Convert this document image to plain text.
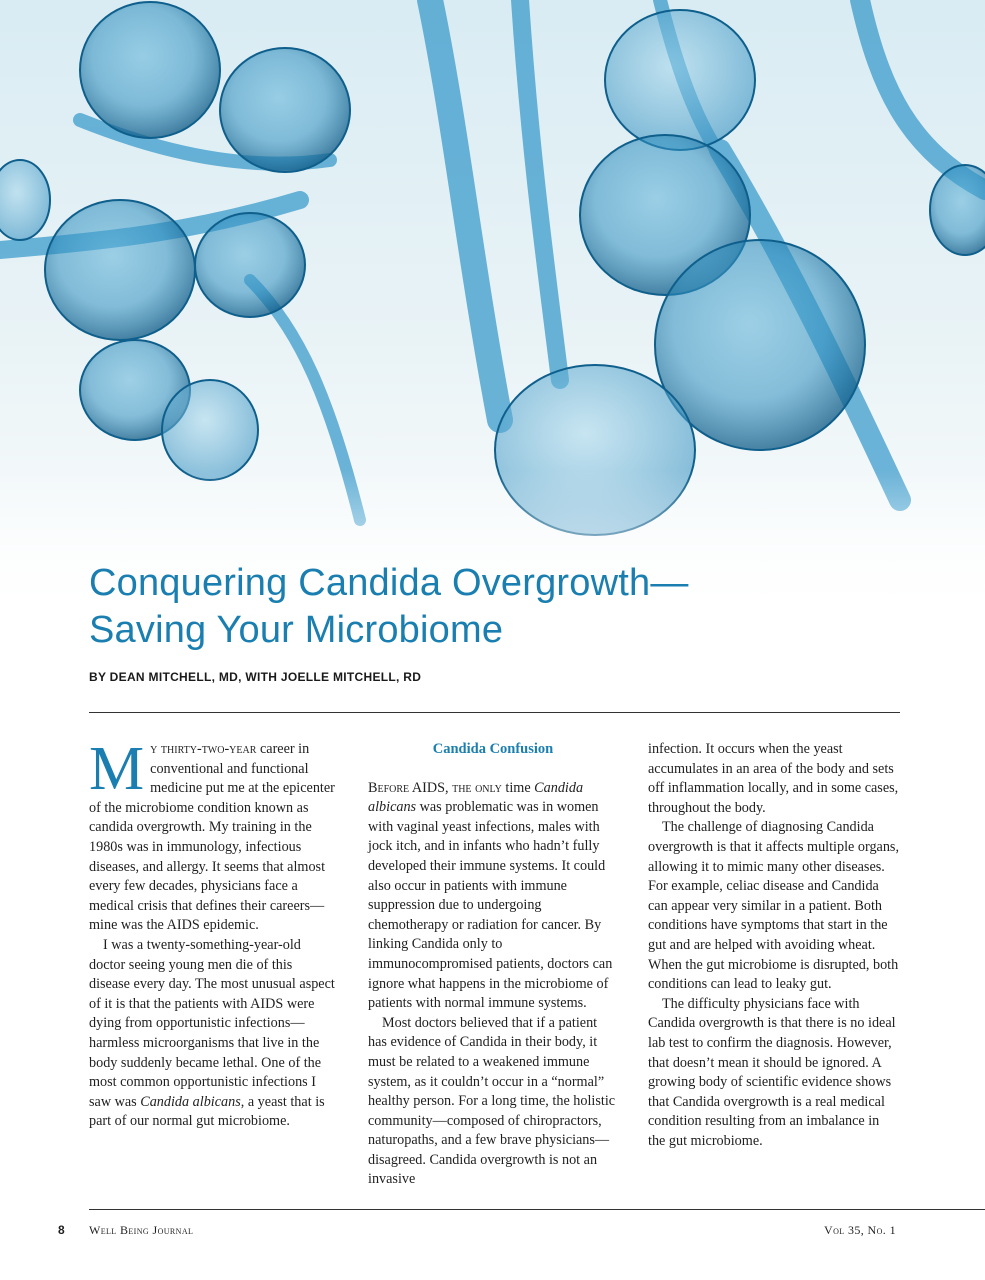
Conquering Candida Overgrowth—
Saving Your Microbiome
BY DEAN MITCHELL, MD, WITH JOELLE MITCHELL, RD

My thirty-two-year career in conventional and functional medicine put me at the epicenter of the microbiome condition known as candida overgrowth. My training in the 1980s was in immunology, infectious diseases, and allergy. It seems that almost every few decades, physicians face a medical crisis that defines their careers—mine was the AIDS epidemic.

I was a twenty-something-year-old doctor seeing young men die of this disease every day. The most unusual aspect of it is that the patients with AIDS were dying from opportunistic infections—harmless microorganisms that live in the body suddenly became lethal. One of the most common opportunistic infections I saw was Candida albicans, a yeast that is part of our normal gut microbiome.

Candida Confusion

Before AIDS, the only time Candida albicans was problematic was in women with vaginal yeast infections, males with jock itch, and in infants who hadn’t fully developed their immune systems. It could also occur in patients with immune suppression due to undergoing chemotherapy or radiation for cancer. By linking Candida only to immunocompromised patients, doctors can ignore what happens in the microbiome of patients with normal immune systems.

Most doctors believed that if a patient has evidence of Candida in their body, it must be related to a weakened immune system, as it couldn’t occur in a “normal” healthy person. For a long time, the holistic community—composed of chiropractors, naturopaths, and a few brave physicians—disagreed. Candida overgrowth is not an invasive

infection. It occurs when the yeast accumulates in an area of the body and sets off inflammation locally, and in some cases, throughout the body.

The challenge of diagnosing Candida overgrowth is that it affects multiple organs, allowing it to mimic many other diseases. For example, celiac disease and Candida can appear very similar in a patient. Both conditions have symptoms that start in the gut and are helped with avoiding wheat. When the gut microbiome is disrupted, both conditions can lead to leaky gut.

The difficulty physicians face with Candida overgrowth is that there is no ideal lab test to confirm the diagnosis. However, that doesn’t mean it should be ignored. A growing body of scientific evidence shows that Candida overgrowth is a real medical condition resulting from an imbalance in the gut microbiome.

8 Well Being Journal	Vol 35, No. 1
